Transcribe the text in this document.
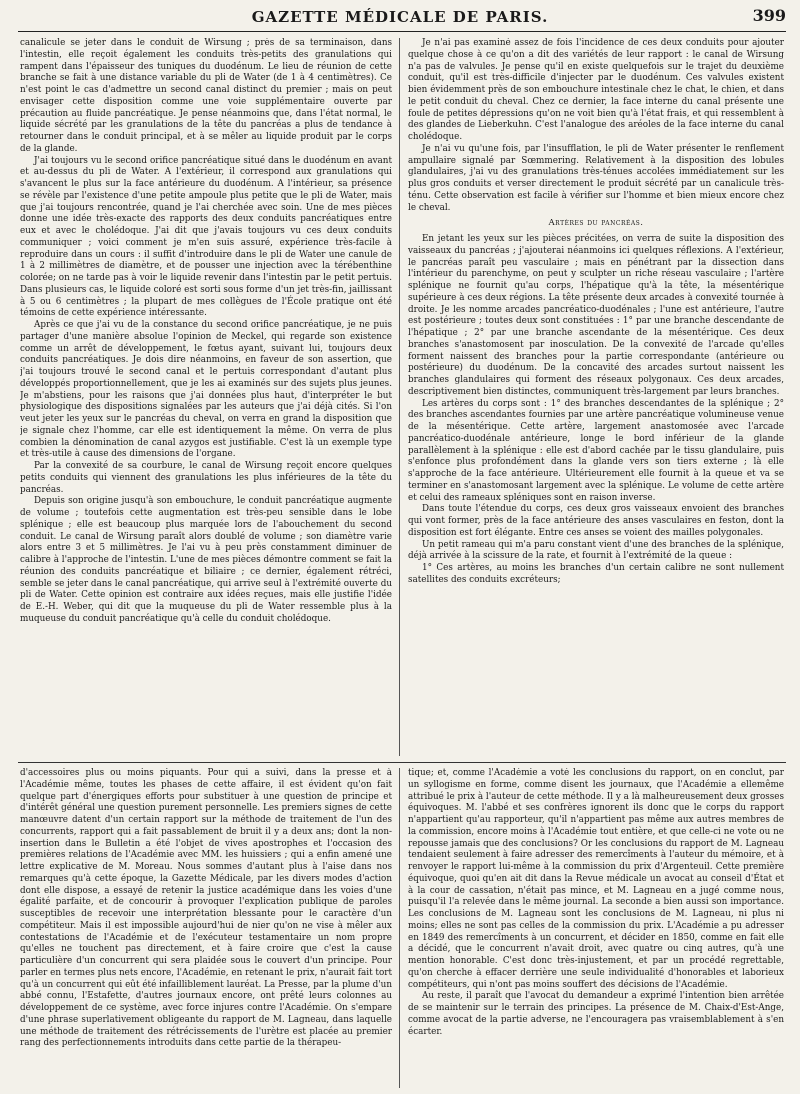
GAZETTE MÉDICALE DE PARIS.	399

canalicule se jeter dans le conduit de Wirsung ; près de sa terminaison, dans l'intestin, elle reçoit également les conduits très-petits des granulations qui rampent dans l'épaisseur des tuniques du duodénum. Le lieu de réunion de cette branche se fait à une distance variable du pli de Water (de 1 à 4 centimètres). Ce n'est point le cas d'admettre un second canal distinct du premier ; mais on peut envisager cette disposition comme une voie supplémentaire ouverte par précaution au fluide pancréatique. Je pense néanmoins que, dans l'état normal, le liquide sécrété par les granulations de la tête du pancréas a plus de tendance à retourner dans le conduit principal, et à se mêler au liquide produit par le corps de la glande.

J'ai toujours vu le second orifice pancréatique situé dans le duodénum en avant et au-dessus du pli de Water. A l'extérieur, il correspond aux granulations qui s'avancent le plus sur la face antérieure du duodénum. A l'intérieur, sa présence se révèle par l'existence d'une petite ampoule plus petite que le pli de Water, mais que j'ai toujours rencontrée, quand je l'ai cherchée avec soin. Une de mes pièces donne une idée très-exacte des rapports des deux conduits pancréatiques entre eux et avec le cholédoque. J'ai dit que j'avais toujours vu ces deux conduits communiquer ; voici comment je m'en suis assuré, expérience très-facile à reproduire dans un cours : il suffit d'introduire dans le pli de Water une canule de 1 à 2 millimètres de diamètre, et de pousser une injection avec la térébenthine colorée; on ne tarde pas à voir le liquide revenir dans l'intestin par le petit pertuis. Dans plusieurs cas, le liquide coloré est sorti sous forme d'un jet très-fin, jaillissant à 5 ou 6 centimètres ; la plupart de mes collègues de l'École pratique ont été témoins de cette expérience intéressante.

Après ce que j'ai vu de la constance du second orifice pancréatique, je ne puis partager d'une manière absolue l'opinion de Meckel, qui regarde son existence comme un arrêt de développement, le fœtus ayant, suivant lui, toujours deux conduits pancréatiques. Je dois dire néanmoins, en faveur de son assertion, que j'ai toujours trouvé le second canal et le pertuis correspondant d'autant plus développés proportionnellement, que je les ai examinés sur des sujets plus jeunes. Je m'abstiens, pour les raisons que j'ai données plus haut, d'interpréter le but physiologique des dispositions signalées par les auteurs que j'ai déjà cités. Si l'on veut jeter les yeux sur le pancréas du cheval, on verra en grand la disposition que je signale chez l'homme, car elle est identiquement la même. On verra de plus combien la dénomination de canal azygos est justifiable. C'est là un exemple type et très-utile à cause des dimensions de l'organe.

Par la convexité de sa courbure, le canal de Wirsung reçoit encore quelques petits conduits qui viennent des granulations les plus inférieures de la tête du pancréas.

Depuis son origine jusqu'à son embouchure, le conduit pancréatique augmente de volume ; toutefois cette augmentation est très-peu sensible dans le lobe splénique ; elle est beaucoup plus marquée lors de l'abouchement du second conduit. Le canal de Wirsung paraît alors doublé de volume ; son diamètre varie alors entre 3 et 5 millimètres. Je l'ai vu à peu près constamment diminuer de calibre à l'approche de l'intestin. L'une de mes pièces démontre comment se fait la réunion des conduits pancréatique et biliaire ; ce dernier, également rétréci, semble se jeter dans le canal pancréatique, qui arrive seul à l'extrémité ouverte du pli de Water. Cette opinion est contraire aux idées reçues, mais elle justifie l'idée de E.-H. Weber, qui dit que la muqueuse du pli de Water ressemble plus à la muqueuse du conduit pancréatique qu'à celle du conduit cholédoque.

Je n'ai pas examiné assez de fois l'incidence de ces deux conduits pour ajouter quelque chose à ce qu'on a dit des variétés de leur rapport : le canal de Wirsung n'a pas de valvules. Je pense qu'il en existe quelquefois sur le trajet du deuxième conduit, qu'il est très-difficile d'injecter par le duodénum. Ces valvules existent bien évidemment près de son embouchure intestinale chez le chat, le chien, et dans le petit conduit du cheval. Chez ce dernier, la face interne du canal présente une foule de petites dépressions qu'on ne voit bien qu'à l'état frais, et qui ressemblent à des glandes de Lieberkuhn. C'est l'analogue des aréoles de la face interne du canal cholédoque.

Je n'ai vu qu'une fois, par l'insufflation, le pli de Water présenter le renflement ampullaire signalé par Sœmmering. Relativement à la disposition des lobules glandulaires, j'ai vu des granulations très-ténues accolées immédiatement sur les plus gros conduits et verser directement le produit sécrété par un canalicule très-ténu. Cette observation est facile à vérifier sur l'homme et bien mieux encore chez le cheval.

Artères du pancréas.

En jetant les yeux sur les pièces précitées, on verra de suite la disposition des vaisseaux du pancréas ; j'ajouterai néanmoins ici quelques réflexions. A l'extérieur, le pancréas paraît peu vasculaire ; mais en pénétrant par la dissection dans l'intérieur du parenchyme, on peut y sculpter un riche réseau vasculaire ; l'artère splénique ne fournit qu'au corps, l'hépatique qu'à la tête, la mésentérique supérieure à ces deux régions. La tête présente deux arcades à convexité tournée à droite. Je les nomme arcades pancréatico-duodénales ; l'une est antérieure, l'autre est postérieure ; toutes deux sont constituées : 1° par une branche descendante de l'hépatique ; 2° par une branche ascendante de la mésentérique. Ces deux branches s'anastomosent par inosculation. De la convexité de l'arcade qu'elles forment naissent des branches pour la partie correspondante (antérieure ou postérieure) du duodénum. De la concavité des arcades surtout naissent les branches glandulaires qui forment des réseaux polygonaux. Ces deux arcades, descriptivement bien distinctes, communiquent très-largement par leurs branches.

Les artères du corps sont : 1° des branches descendantes de la splénique ; 2° des branches ascendantes fournies par une artère pancréatique volumineuse venue de la mésentérique. Cette artère, largement anastomosée avec l'arcade pancréatico-duodénale antérieure, longe le bord inférieur de la glande parallèlement à la splénique : elle est d'abord cachée par le tissu glandulaire, puis s'enfonce plus profondément dans la glande vers son tiers externe ; là elle s'approche de la face antérieure. Ultérieurement elle fournit à la queue et va se terminer en s'anastomosant largement avec la splénique. Le volume de cette artère et celui des rameaux spléniques sont en raison inverse.

Dans toute l'étendue du corps, ces deux gros vaisseaux envoient des branches qui vont former, près de la face antérieure des anses vasculaires en feston, dont la disposition est fort élégante. Entre ces anses se voient des mailles polygonales.

Un petit rameau qui m'a paru constant vient d'une des branches de la splénique, déjà arrivée à la scissure de la rate, et fournit à l'extrémité de la queue :

1° Ces artères, au moins les branches d'un certain calibre ne sont nullement satellites des conduits excréteurs;

d'accessoires plus ou moins piquants. Pour qui a suivi, dans la presse et à l'Académie même, toutes les phases de cette affaire, il est évident qu'on fait quelque part d'énergiques efforts pour substituer à une question de principe et d'intérêt général une question purement personnelle. Les premiers signes de cette manœuvre datent d'un certain rapport sur la méthode de traitement de l'un des concurrents, rapport qui a fait passablement de bruit il y a deux ans; dont la non-insertion dans le Bulletin a été l'objet de vives apostrophes et l'occasion des premières relations de l'Académie avec MM. les huissiers ; qui a enfin amené une lettre explicative de M. Moreau. Nous sommes d'autant plus à l'aise dans nos remarques qu'à cette époque, la Gazette Médicale, par les divers modes d'action dont elle dispose, a essayé de retenir la justice académique dans les voies d'une égalité parfaite, et de concourir à provoquer l'explication publique de paroles susceptibles de recevoir une interprétation blessante pour le caractère d'un compétiteur. Mais il est impossible aujourd'hui de nier qu'on ne vise à mêler aux contestations de l'Académie et de l'exécuteur testamentaire un nom propre qu'elles ne touchent pas directement, et à faire croire que c'est la cause particulière d'un concurrent qui sera plaidée sous le couvert d'un principe. Pour parler en termes plus nets encore, l'Académie, en retenant le prix, n'aurait fait tort qu'à un concurrent qui eût été infailliblement lauréat. La Presse, par la plume d'un abbé connu, l'Estafette, d'autres journaux encore, ont prêté leurs colonnes au développement de ce système, avec force injures contre l'Académie. On s'empare d'une phrase superlativement obligeante du rapport de M. Lagneau, dans laquelle une méthode de traitement des rétrécissements de l'urètre est placée au premier rang des perfectionnements introduits dans cette partie de la thérapeu-

tique; et, comme l'Académie a voté les conclusions du rapport, on en conclut, par un syllogisme en forme, comme disent les journaux, que l'Académie a ellemême attribué le prix à l'auteur de cette méthode. Il y a là malheureusement deux grosses équivoques. M. l'abbé et ses confrères ignorent ils donc que le corps du rapport n'appartient qu'au rapporteur, qu'il n'appartient pas même aux autres membres de la commission, encore moins à l'Académie tout entière, et que celle-ci ne vote ou ne repousse jamais que des conclusions? Or les conclusions du rapport de M. Lagneau tendaient seulement à faire adresser des remercîments à l'auteur du mémoire, et à renvoyer le rapport lui-même à la commission du prix d'Argenteuil. Cette première équivoque, quoi qu'en ait dit dans la Revue médicale un avocat au conseil d'État et à la cour de cassation, n'était pas mince, et M. Lagneau en a jugé comme nous, puisqu'il l'a relevée dans le même journal. La seconde a bien aussi son importance. Les conclusions de M. Lagneau sont les conclusions de M. Lagneau, ni plus ni moins; elles ne sont pas celles de la commission du prix. L'Académie a pu adresser en 1849 des remercîments à un concurrent, et décider en 1850, comme en fait elle a décidé, que le concurrent n'avait droit, avec quatre ou cinq autres, qu'à une mention honorable. C'est donc très-injustement, et par un procédé regrettable, qu'on cherche à effacer derrière une seule individualité d'honorables et laborieux compétiteurs, qui n'ont pas moins souffert des décisions de l'Académie.

Au reste, il paraît que l'avocat du demandeur a exprimé l'intention bien arrêtée de se maintenir sur le terrain des principes. La présence de M. Chaix-d'Est-Ange, comme avocat de la partie adverse, ne l'encouragera pas vraisemblablement à s'en écarter.
